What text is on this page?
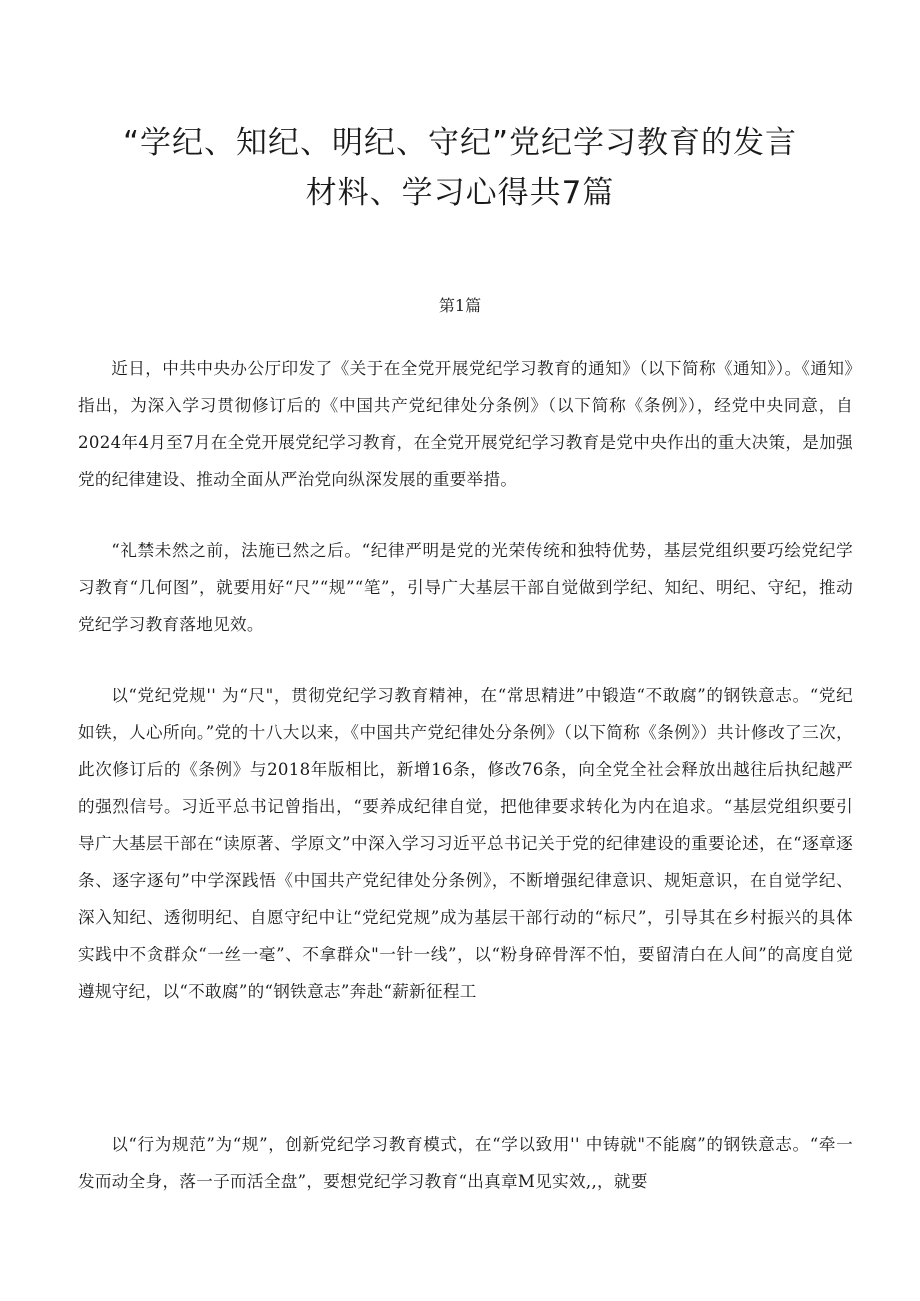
“学纪、知纪、明纪、守纪”党纪学习教育的发言
材料、学习心得共7篇
第1篇

近日，中共中央办公厅印发了《关于在全党开展党纪学习教育的通知》（以下简称《通知》）。《通知》指出，为深入学习贯彻修订后的《中国共产党纪律处分条例》（以下简称《条例》），经党中央同意，自2024年4月至7月在全党开展党纪学习教育，在全党开展党纪学习教育是党中央作出的重大决策，是加强党的纪律建设、推动全面从严治党向纵深发展的重要举措。

“礼禁未然之前，法施已然之后。“纪律严明是党的光荣传统和独特优势，基层党组织要巧绘党纪学习教育“几何图”，就要用好“尺”“规”“笔”，引导广大基层干部自觉做到学纪、知纪、明纪、守纪，推动党纪学习教育落地见效。

以“党纪党规'' 为“尺"，贯彻党纪学习教育精神，在“常思精进”中锻造“不敢腐”的钢铁意志。“党纪如铁，人心所向。”党的十八大以来，《中国共产党纪律处分条例》（以下简称《条例》）共计修改了三次，此次修订后的《条例》与2018年版相比，新增16条，修改76条，向全党全社会释放出越往后执纪越严的强烈信号。习近平总书记曾指出，“要养成纪律自觉，把他律要求转化为内在追求。“基层党组织要引导广大基层干部在“读原著、学原文”中深入学习习近平总书记关于党的纪律建设的重要论述，在“逐章逐条、逐字逐句”中学深践悟《中国共产党纪律处分条例》，不断增强纪律意识、规矩意识，在自觉学纪、深入知纪、透彻明纪、自愿守纪中让“党纪党规”成为基层干部行动的“标尺”，引导其在乡村振兴的具体实践中不贪群众“一丝一毫”、不拿群众"一针一线”，以“粉身碎骨浑不怕，要留清白在人间”的高度自觉遵规守纪，以“不敢腐”的“钢铁意志”奔赴“薪新征程工

以“行为规范”为“规”，创新党纪学习教育模式，在“学以致用'' 中铸就"不能腐”的钢铁意志。“牵一发而动全身，落一子而活全盘”，要想党纪学习教育“出真章M见实效,,，就要
